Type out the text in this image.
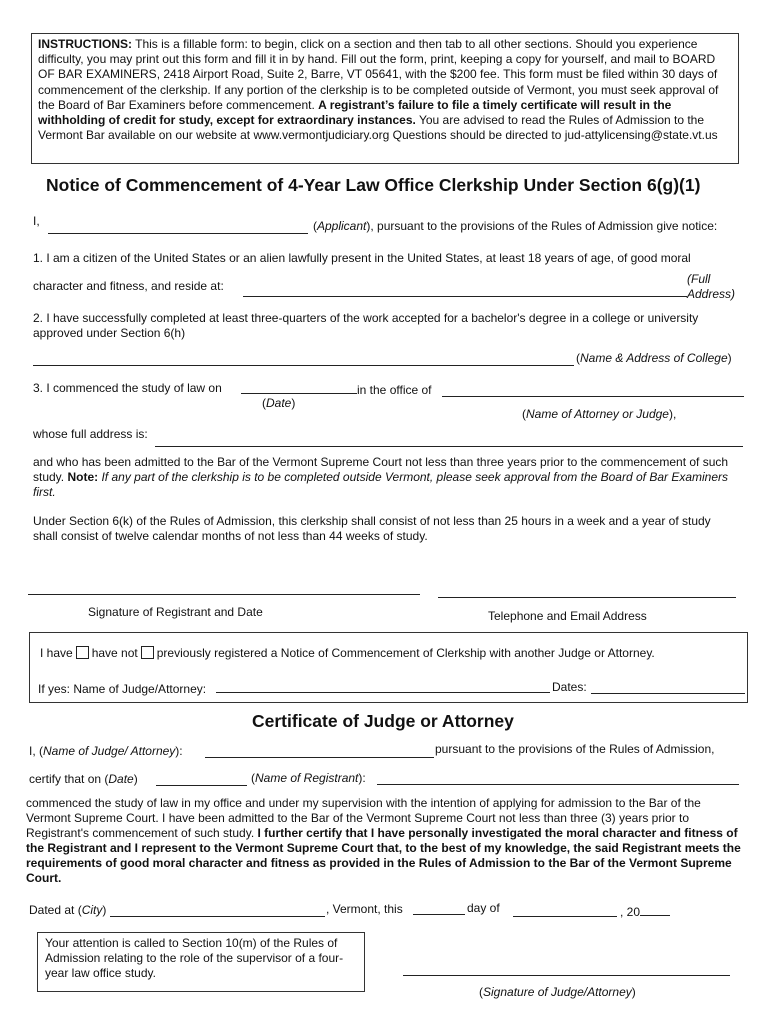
INSTRUCTIONS: This is a fillable form: to begin, click on a section and then tab to all other sections. Should you experience difficulty, you may print out this form and fill it in by hand. Fill out the form, print, keeping a copy for yourself, and mail to BOARD OF BAR EXAMINERS, 2418 Airport Road, Suite 2, Barre, VT 05641, with the $200 fee. This form must be filed within 30 days of commencement of the clerkship. If any portion of the clerkship is to be completed outside of Vermont, you must seek approval of the Board of Bar Examiners before commencement. A registrant’s failure to file a timely certificate will result in the withholding of credit for study, except for extraordinary instances. You are advised to read the Rules of Admission to the Vermont Bar available on our website at www.vermontjudiciary.org Questions should be directed to jud-attylicensing@state.vt.us
Notice of Commencement of 4-Year Law Office Clerkship Under Section 6(g)(1)
I,	(Applicant), pursuant to the provisions of the Rules of Admission give notice:
1. I am a citizen of the United States or an alien lawfully present in the United States, at least 18 years of age, of good moral
character and fitness, and reside at:	(Full
Address)
2. I have successfully completed at least three-quarters of the work accepted for a bachelor's degree in a college or university approved under Section 6(h)
(Name & Address of College)
3. I commenced the study of law on
(Date)
in the office of
(Name of Attorney or Judge),
whose full address is:
and who has been admitted to the Bar of the Vermont Supreme Court not less than three years prior to the commencement of such study. Note: If any part of the clerkship is to be completed outside Vermont, please seek approval from the Board of Bar Examiners first.
Under Section 6(k) of the Rules of Admission, this clerkship shall consist of not less than 25 hours in a week and a year of study shall consist of twelve calendar months of not less than 44 weeks of study.
Signature of Registrant and Date	Telephone and Email Address
I have have not previously registered a Notice of Commencement of Clerkship with another Judge or Attorney.
If yes: Name of Judge/Attorney:	Dates:
Certificate of Judge or Attorney
I, (Name of Judge/ Attorney):	pursuant to the provisions of the Rules of Admission,
certify that on (Date)	(Name of Registrant):
commenced the study of law in my office and under my supervision with the intention of applying for admission to the Bar of the Vermont Supreme Court. I have been admitted to the Bar of the Vermont Supreme Court not less than three (3) years prior to Registrant's commencement of such study. I further certify that I have personally investigated the moral character and fitness of the Registrant and I represent to the Vermont Supreme Court that, to the best of my knowledge, the said Registrant meets the requirements of good moral character and fitness as provided in the Rules of Admission to the Bar of the Vermont Supreme Court.
Dated at (City)	, Vermont, this	day of	, 20
Your attention is called to Section 10(m) of the Rules of Admission relating to the role of the supervisor of a four-year law office study.
(Signature of Judge/Attorney)
